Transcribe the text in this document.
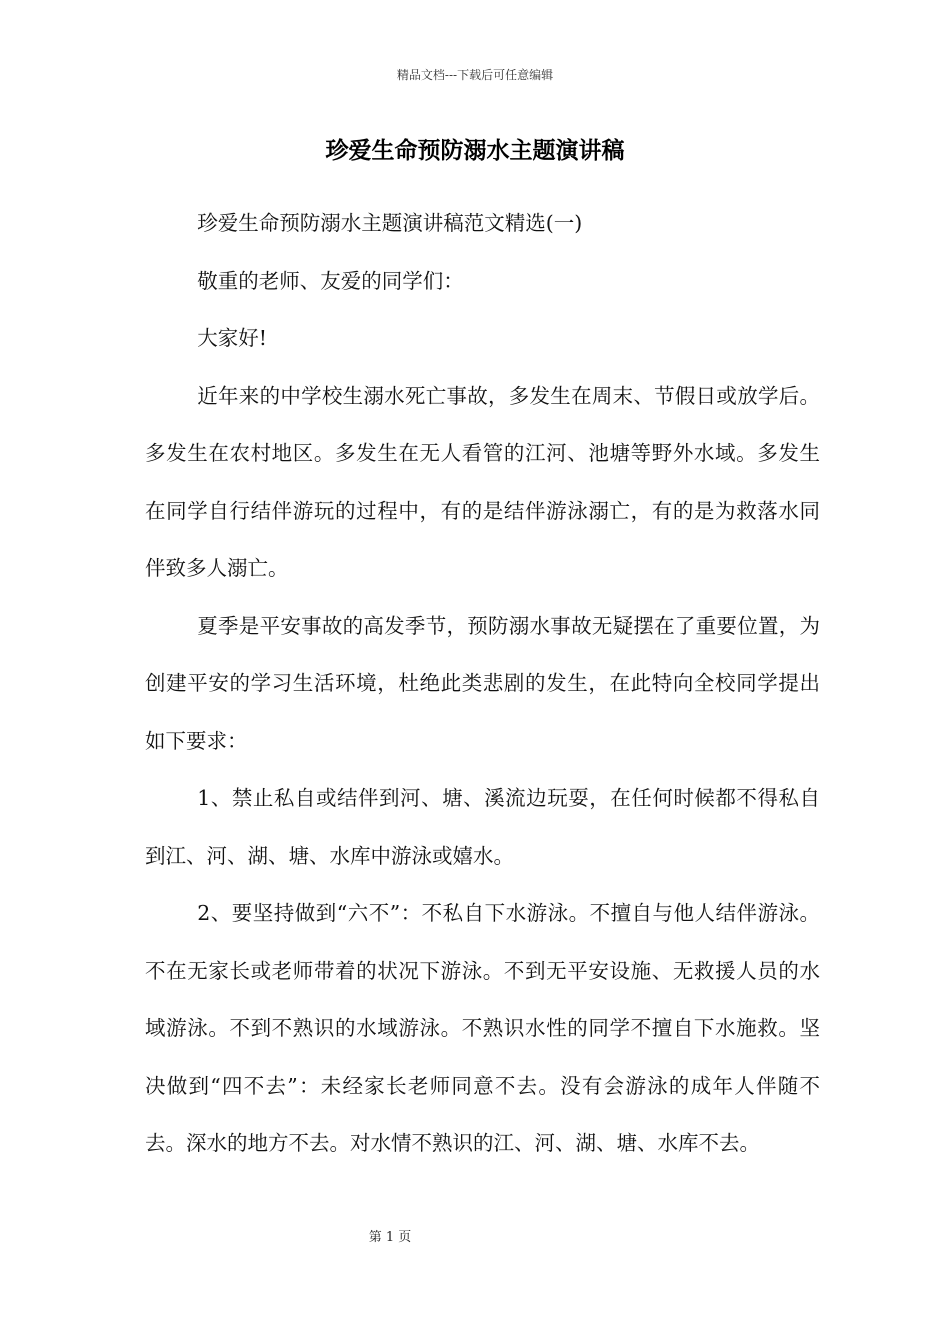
精品文档---下载后可任意编辑
珍爱生命预防溺水主题演讲稿

珍爱生命预防溺水主题演讲稿范文精选(一)

敬重的老师、友爱的同学们：

大家好!

近年来的中学校生溺水死亡事故，多发生在周末、节假日或放学后。多发生在农村地区。多发生在无人看管的江河、池塘等野外水域。多发生在同学自行结伴游玩的过程中，有的是结伴游泳溺亡，有的是为救落水同伴致多人溺亡。

夏季是平安事故的高发季节，预防溺水事故无疑摆在了重要位置，为创建平安的学习生活环境，杜绝此类悲剧的发生，在此特向全校同学提出如下要求：

1、禁止私自或结伴到河、塘、溪流边玩耍，在任何时候都不得私自到江、河、湖、塘、水库中游泳或嬉水。

2、要坚持做到“六不”：不私自下水游泳。不擅自与他人结伴游泳。不在无家长或老师带着的状况下游泳。不到无平安设施、无救援人员的水域游泳。不到不熟识的水域游泳。不熟识水性的同学不擅自下水施救。坚决做到“四不去”：未经家长老师同意不去。没有会游泳的成年人伴随不去。深水的地方不去。对水情不熟识的江、河、湖、塘、水库不去。

第 1 页
